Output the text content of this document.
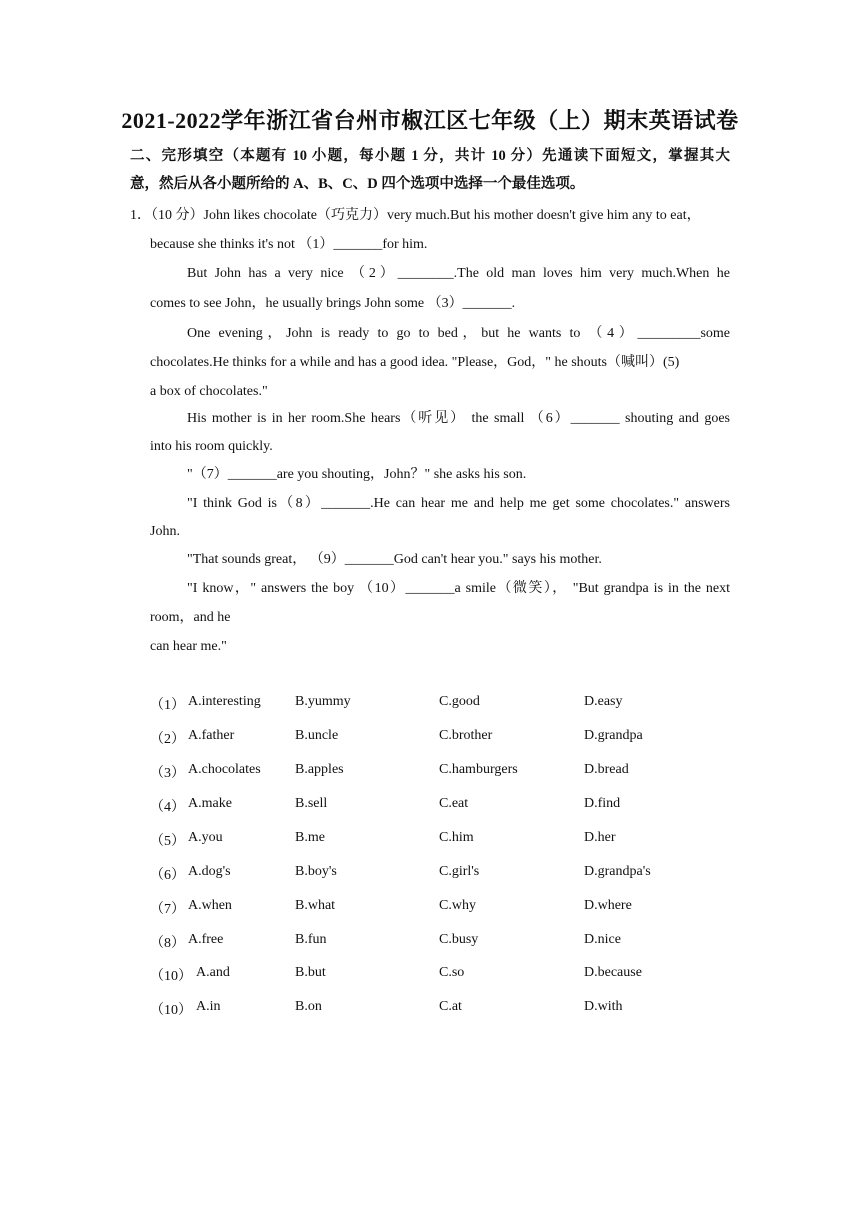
2021-2022学年浙江省台州市椒江区七年级（上）期末英语试卷
二、完形填空（本题有 10 小题，每小题 1 分，共计 10 分）先通读下面短文，掌握其大
意，然后从各小题所给的 A、B、C、D 四个选项中选择一个最佳选项。
1．（10 分）John likes chocolate（巧克力）very much.But his mother doesn't give him any to eat，
because she thinks it's not （1）_______for him.
But John has a very nice （2）________.The old man loves him very much.When he
comes to see John，he usually brings John some （3）_______.
One evening，John is ready to go to bed，but he wants to （4）_________some
chocolates.He thinks for a while and has a good idea. "Please，God，" he shouts（喊叫）(5)
a box of chocolates."
His mother is in her room.She hears（听见） the small （6）_______ shouting and goes
into his room quickly.
"（7）_______are you shouting，John？" she asks his son.
"I think God is（8）_______.He can hear me and help me get some chocolates." answers
John.
"That sounds great， （9）_______God can't hear you." says his mother.
"I know，" answers the boy （10）_______a smile（微笑）， "But grandpa is in the next
room，and he
can hear me."
（1） A.interesting B.yummy	C.good	D.easy
（2） A.father	B.uncle	C.brother	D.grandpa
（3） A.chocolates B.apples	C.hamburgers	D.bread
（4） A.make	B.sell	C.eat	D.find
（5） A.you	B.me	C.him	D.her
（6） A.dog's	B.boy's	C.girl's	D.grandpa's
（7） A.when	B.what	C.why	D.where
（8） A.free	B.fun	C.busy	D.nice
（10） A.and	B.but	C.so	D.because
（10） A.in	B.on	C.at	D.with
